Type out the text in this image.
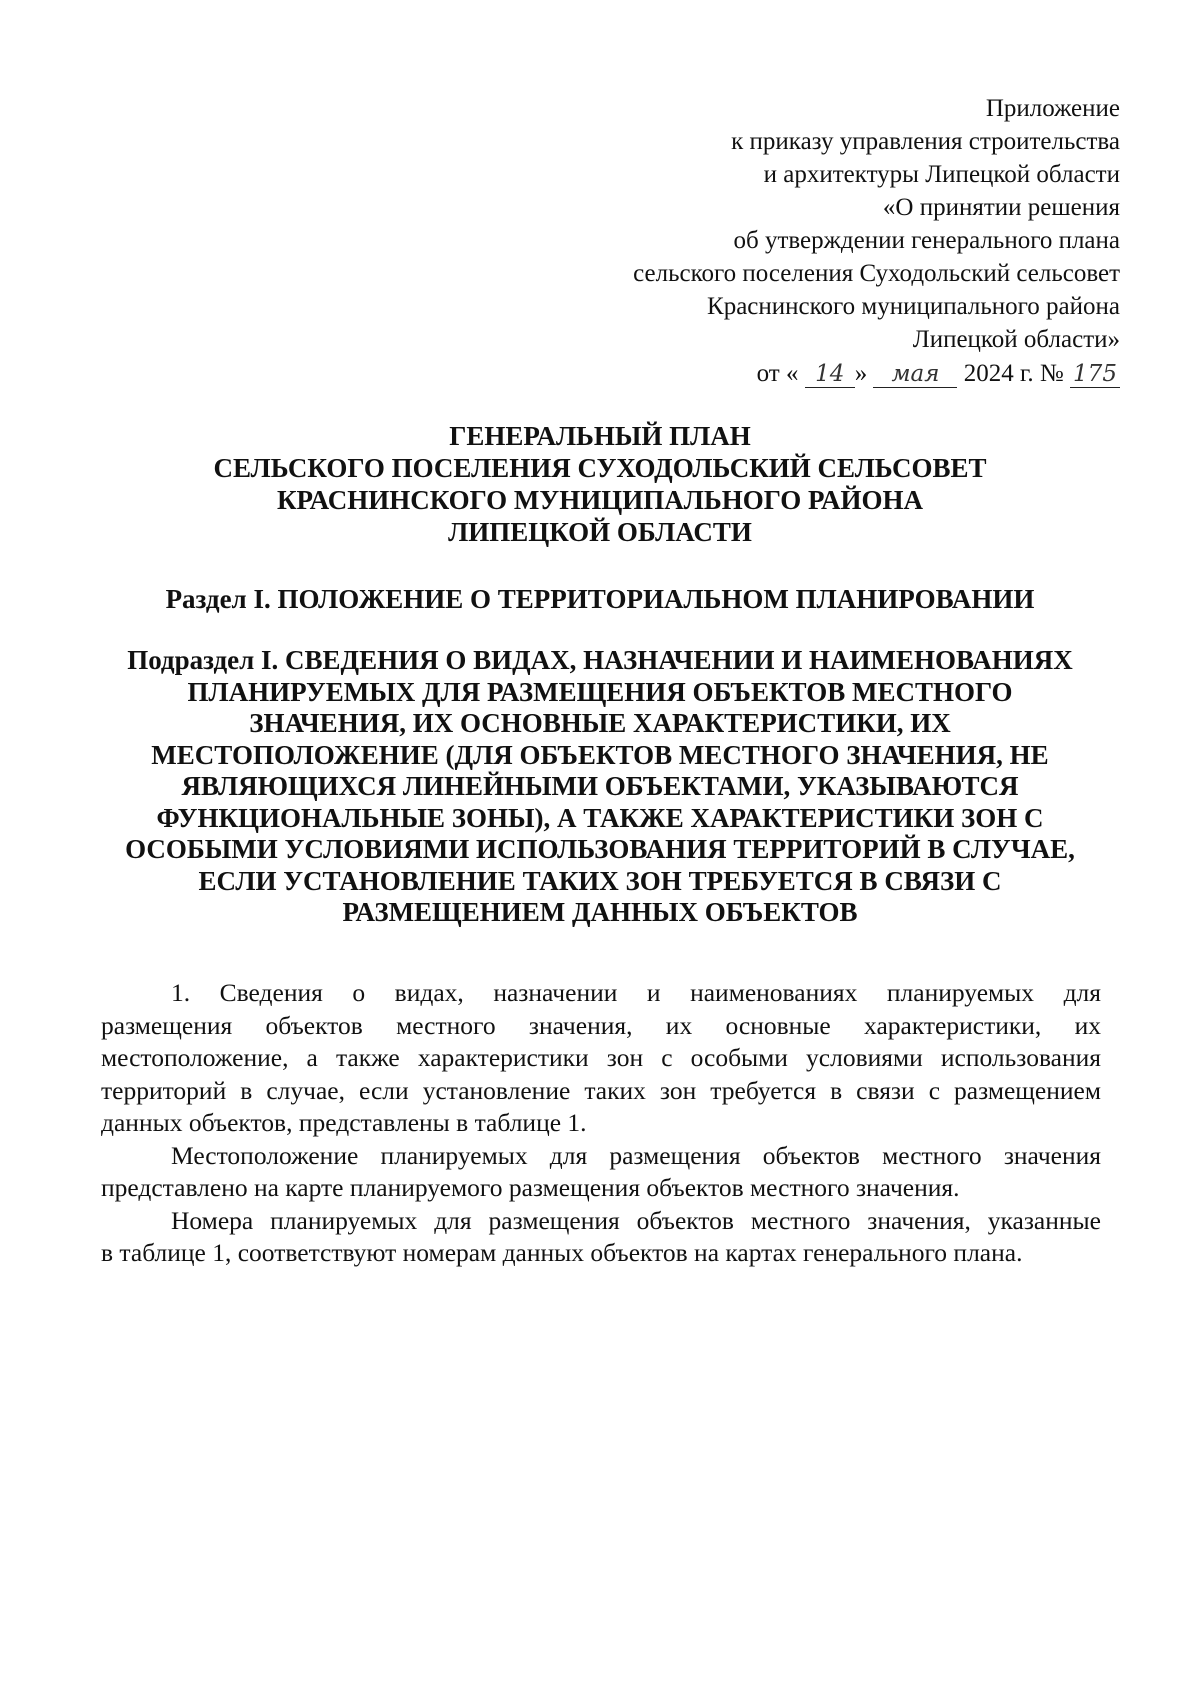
Приложение
к приказу управления строительства
и архитектуры Липецкой области
«О принятии решения
об утверждении генерального плана
сельского поселения Суходольский сельсовет
Краснинского муниципального района
Липецкой области»
от « 14 » мая 2024 г. № 175
ГЕНЕРАЛЬНЫЙ ПЛАН
СЕЛЬСКОГО ПОСЕЛЕНИЯ СУХОДОЛЬСКИЙ СЕЛЬСОВЕТ
КРАСНИНСКОГО МУНИЦИПАЛЬНОГО РАЙОНА
ЛИПЕЦКОЙ ОБЛАСТИ
Раздел I. ПОЛОЖЕНИЕ О ТЕРРИТОРИАЛЬНОМ ПЛАНИРОВАНИИ
Подраздел I. СВЕДЕНИЯ О ВИДАХ, НАЗНАЧЕНИИ И НАИМЕНОВАНИЯХ
ПЛАНИРУЕМЫХ ДЛЯ РАЗМЕЩЕНИЯ ОБЪЕКТОВ МЕСТНОГО
ЗНАЧЕНИЯ, ИХ ОСНОВНЫЕ ХАРАКТЕРИСТИКИ, ИХ
МЕСТОПОЛОЖЕНИЕ (ДЛЯ ОБЪЕКТОВ МЕСТНОГО ЗНАЧЕНИЯ, НЕ
ЯВЛЯЮЩИХСЯ ЛИНЕЙНЫМИ ОБЪЕКТАМИ, УКАЗЫВАЮТСЯ
ФУНКЦИОНАЛЬНЫЕ ЗОНЫ), А ТАКЖЕ ХАРАКТЕРИСТИКИ ЗОН С
ОСОБЫМИ УСЛОВИЯМИ ИСПОЛЬЗОВАНИЯ ТЕРРИТОРИЙ В СЛУЧАЕ,
ЕСЛИ УСТАНОВЛЕНИЕ ТАКИХ ЗОН ТРЕБУЕТСЯ В СВЯЗИ С
РАЗМЕЩЕНИЕМ ДАННЫХ ОБЪЕКТОВ

1. Сведения о видах, назначении и наименованиях планируемых для
размещения объектов местного значения, их основные характеристики, их
местоположение, а также характеристики зон с особыми условиями использования
территорий в случае, если установление таких зон требуется в связи с размещением
данных объектов, представлены в таблице 1.

Местоположение планируемых для размещения объектов местного значения
представлено на карте планируемого размещения объектов местного значения.

Номера планируемых для размещения объектов местного значения, указанные
в таблице 1, соответствуют номерам данных объектов на картах генерального плана.
